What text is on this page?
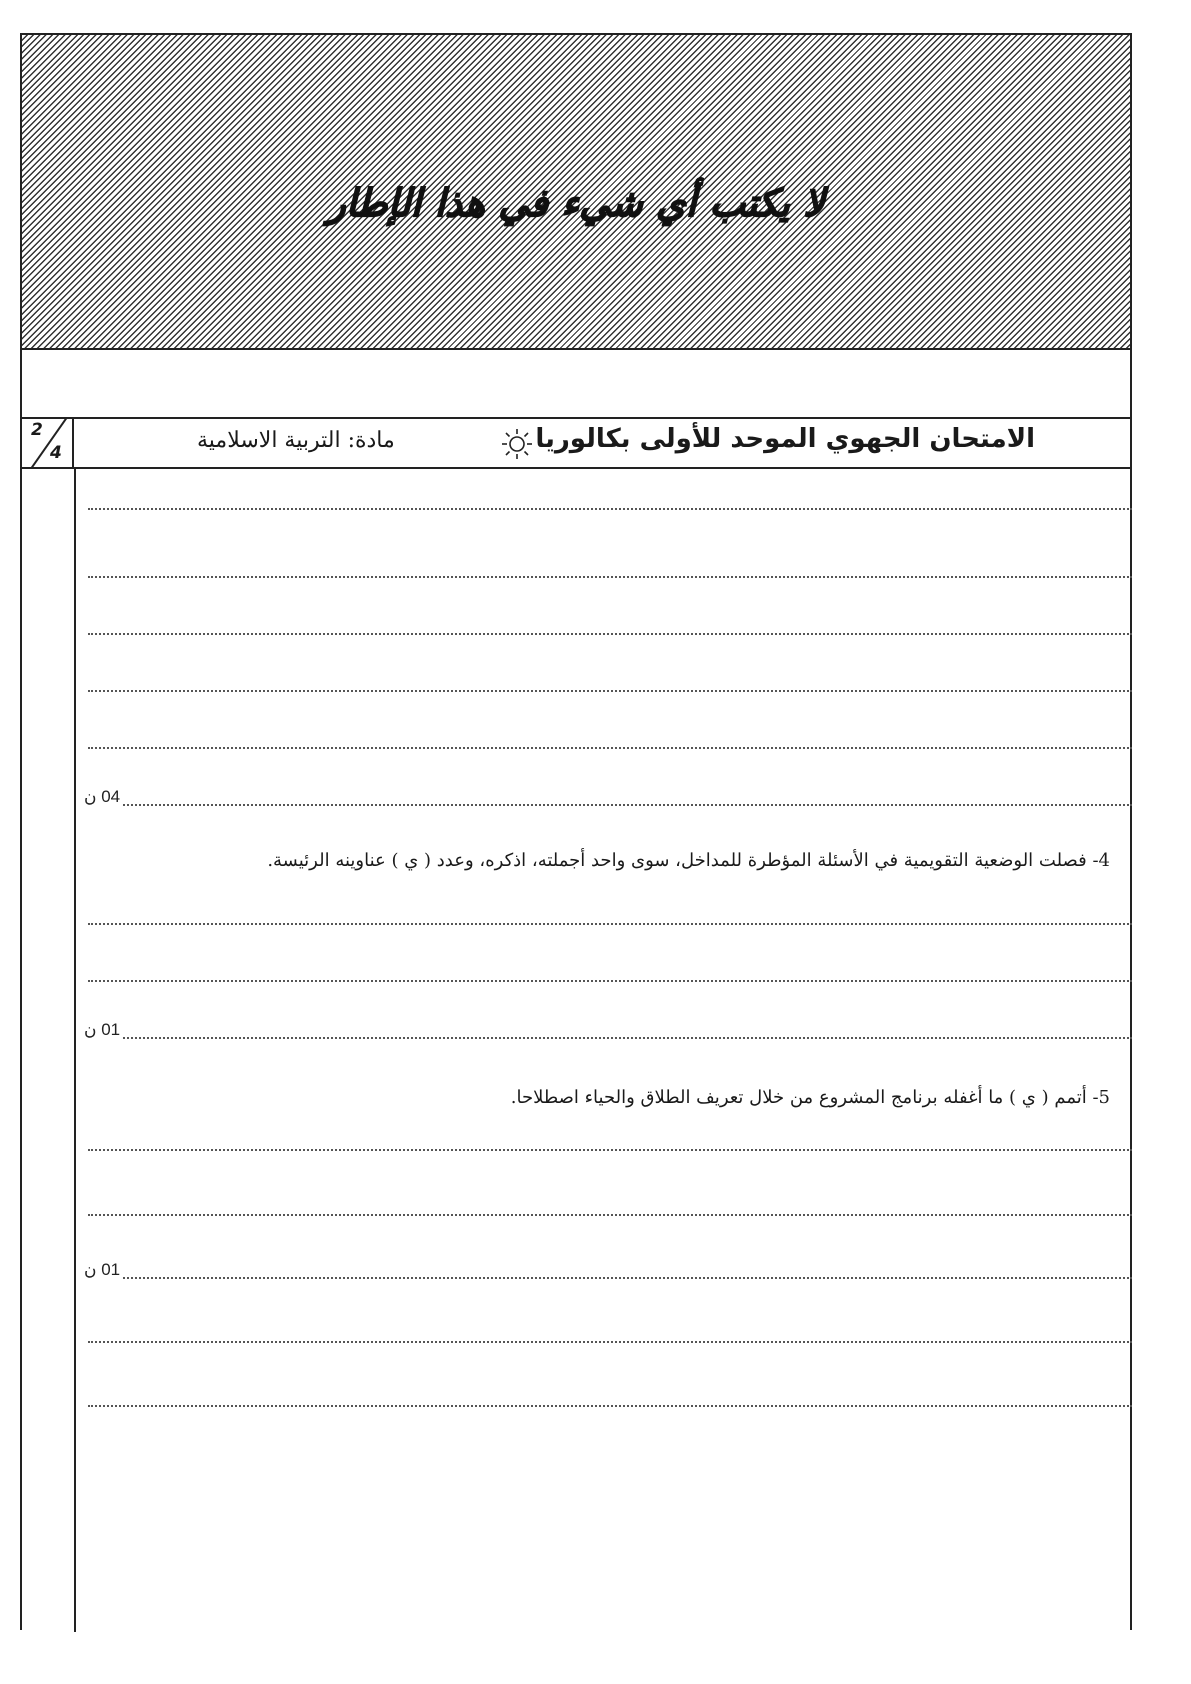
لا يكتب أي شيء في هذا الإطار
2
4	مادة: التربية الاسلامية	الامتحان الجهوي الموحد للأولى بكالوريا
04 ن
4- فصلت الوضعية التقويمية في الأسئلة المؤطرة للمداخل، سوى واحد أجملته، اذكره، وعدد ( ي ) عناوينه الرئيسة.
01 ن
5- أتمم ( ي ) ما أغفله برنامج المشروع من خلال تعريف الطلاق والحياء اصطلاحا.
01 ن
